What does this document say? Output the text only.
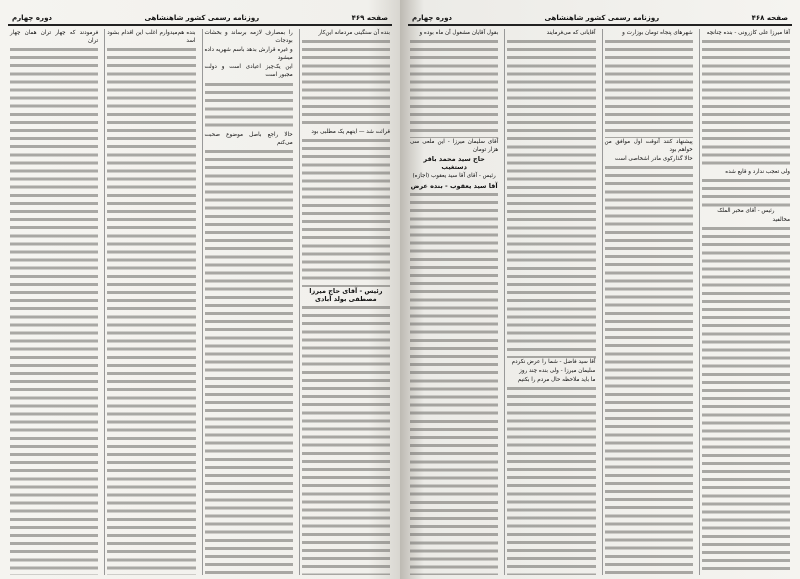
صفحه ۴۶۹
روزنامه رسمی کشور شاهنشاهی
دوره چهارم

بنده آن سنگینی مردمانه این‌کار

قرائت شد — اینهم یک مطلبی بود

رئیس - آقای حاج میرزا مصطفی بولد آبادی

را بمصارف لازمه برساند و بخشات بودجات

و غیره قرارش بدهد باسم شهریه داده میشود

این یک‌چیز اعیادی است و دولت مجبور است

حالا راجع باصل موضوع صحبت می‌کنم

بنده هم‌میدوارم اغلب این اقدام بشود اسد

فرمودند که چهار تران همان چهار تران

صفحه ۴۶۸
روزنامه رسمی کشور شاهنشاهی
دوره چهارم

آقا میرزا علی کازرونی - بنده چنانچه

ولی تعجب ندارد و قایع شده

رئیس - آقای مخبر الملک

مخالفید

شهرهای پنجاه تومان بوزارت و

پیشنهاد کنند آنوقت اول موافق من خواهم بود

حالا گذارکوی مادر اشخاصی است

آقایانی که می‌فرمایند

آقا سید فاضل - شما را عرض نکردم

سلیمان میرزا - ولی بنده چند روز

ما باید ملاحظه حال مردم را بکنیم

بقول آقایان مشغول آن ماه بوده و

آقای سلیمان میرزا - این ملعی سی هزار تومان

حاج سید محمد باقر دستغیب

رئیس - آقای آقا سید یعقوب (اجازه)

آقا سید یعقوب - بنده عرض
